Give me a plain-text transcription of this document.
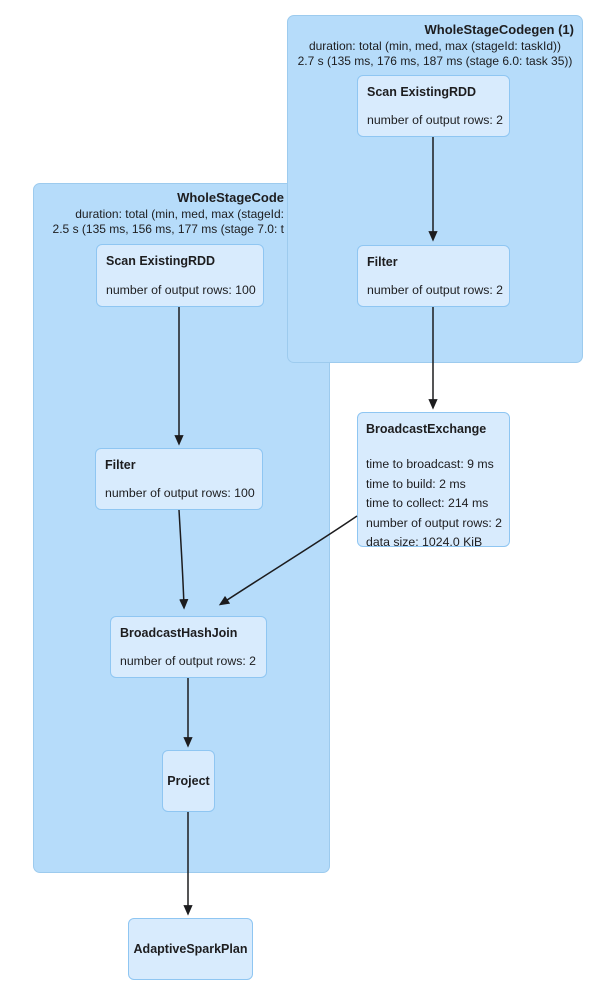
WholeStageCode
duration: total (min, med, max (stageId:
2.5 s (135 ms, 156 ms, 177 ms (stage 7.0: t
WholeStageCodegen (1)
duration: total (min, med, max (stageId: taskId))
2.7 s (135 ms, 176 ms, 187 ms (stage 6.0: task 35))
Scan ExistingRDD
number of output rows: 2
Filter
number of output rows: 2
Scan ExistingRDD
number of output rows: 100
Filter
number of output rows: 100
BroadcastHashJoin
number of output rows: 2
Project
BroadcastExchange
time to broadcast: 9 ms
time to build: 2 ms
time to collect: 214 ms
number of output rows: 2
data size: 1024.0 KiB
AdaptiveSparkPlan
